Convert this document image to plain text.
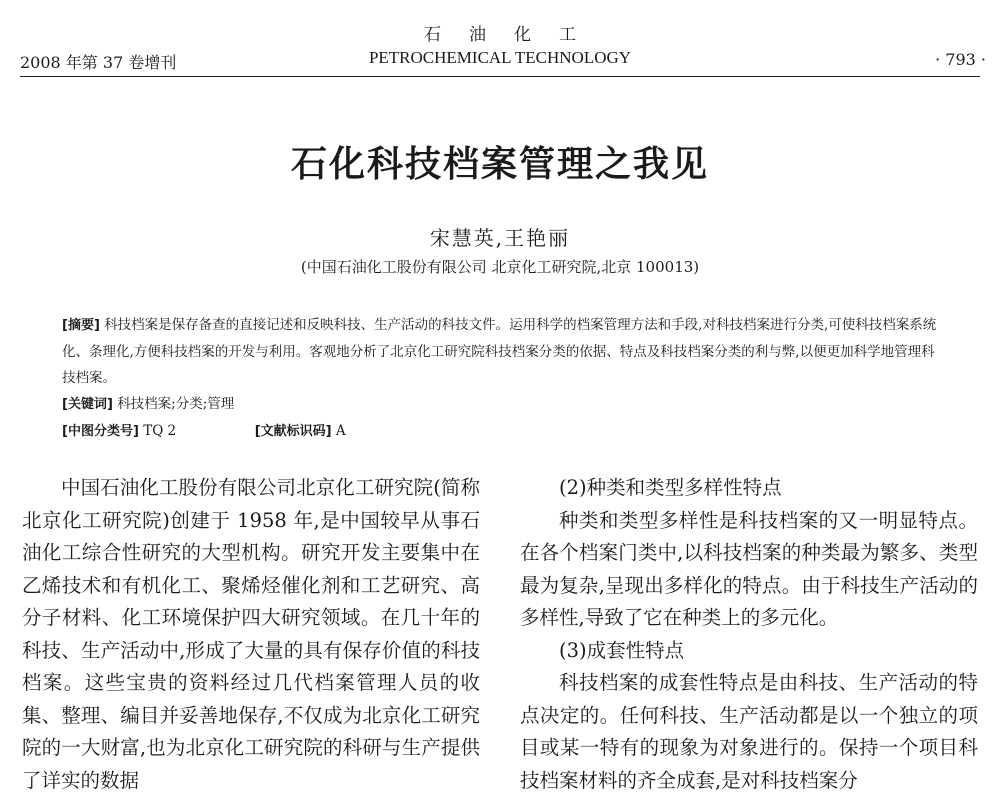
2008 年第 37 卷增刊
石油化工
PETROCHEMICAL TECHNOLOGY	· 793 ·
石化科技档案管理之我见
宋慧英,王艳丽
(中国石油化工股份有限公司 北京化工研究院,北京 100013)
[摘要] 科技档案是保存备查的直接记述和反映科技、生产活动的科技文件。运用科学的档案管理方法和手段,对科技档案进行分类,可使科技档案系统化、条理化,方便科技档案的开发与利用。客观地分析了北京化工研究院科技档案分类的依据、特点及科技档案分类的利与弊,以便更加科学地管理科技档案。
[关键词] 科技档案;分类;管理
[中图分类号] TQ 2	[文献标识码] A

中国石油化工股份有限公司北京化工研究院(简称北京化工研究院)创建于 1958 年,是中国较早从事石油化工综合性研究的大型机构。研究开发主要集中在乙烯技术和有机化工、聚烯烃催化剂和工艺研究、高分子材料、化工环境保护四大研究领域。在几十年的科技、生产活动中,形成了大量的具有保存价值的科技档案。这些宝贵的资料经过几代档案管理人员的收集、整理、编目并妥善地保存,不仅成为北京化工研究院的一大财富,也为北京化工研究院的科研与生产提供了详实的数据

(2)种类和类型多样性特点

种类和类型多样性是科技档案的又一明显特点。在各个档案门类中,以科技档案的种类最为繁多、类型最为复杂,呈现出多样化的特点。由于科技生产活动的多样性,导致了它在种类上的多元化。

(3)成套性特点

科技档案的成套性特点是由科技、生产活动的特点决定的。任何科技、生产活动都是以一个独立的项目或某一特有的现象为对象进行的。保持一个项目科技档案材料的齐全成套,是对科技档案分
